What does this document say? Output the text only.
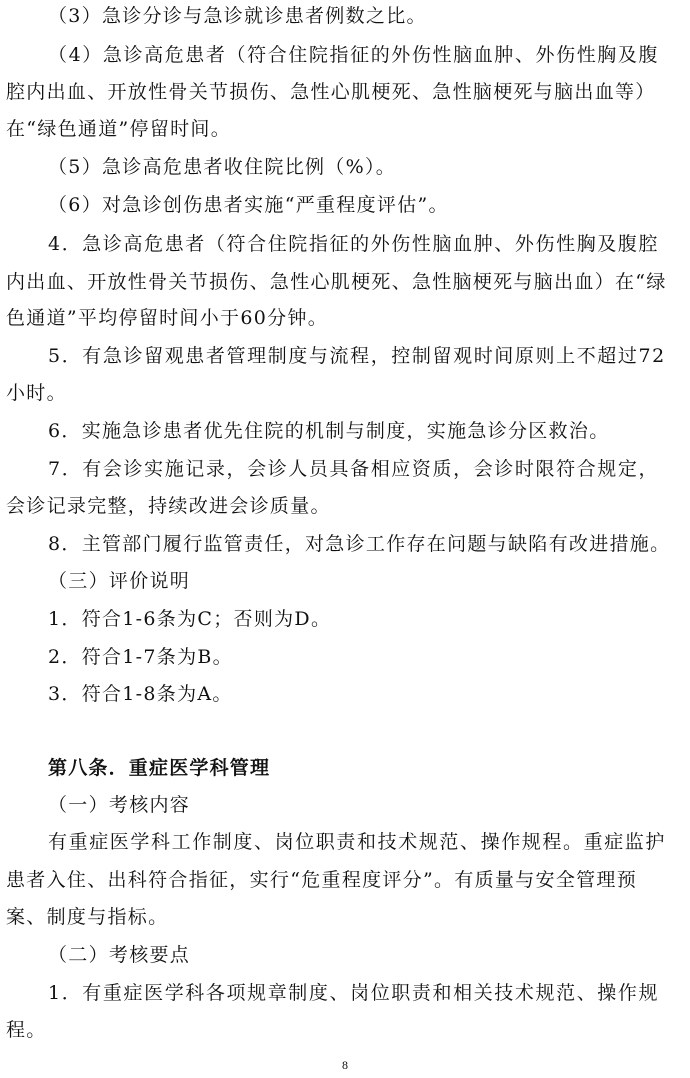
（3）急诊分诊与急诊就诊患者例数之比。
（4）急诊高危患者（符合住院指征的外伤性脑血肿、外伤性胸及腹
腔内出血、开放性骨关节损伤、急性心肌梗死、急性脑梗死与脑出血等）
在“绿色通道”停留时间。
（5）急诊高危患者收住院比例（%）。
（6）对急诊创伤患者实施“严重程度评估”。
4．急诊高危患者（符合住院指征的外伤性脑血肿、外伤性胸及腹腔
内出血、开放性骨关节损伤、急性心肌梗死、急性脑梗死与脑出血）在“绿
色通道”平均停留时间小于60分钟。
5．有急诊留观患者管理制度与流程，控制留观时间原则上不超过72
小时。
6．实施急诊患者优先住院的机制与制度，实施急诊分区救治。
7．有会诊实施记录，会诊人员具备相应资质，会诊时限符合规定，
会诊记录完整，持续改进会诊质量。
8．主管部门履行监管责任，对急诊工作存在问题与缺陷有改进措施。
（三）评价说明
1．符合1-6条为C；否则为D。
2．符合1-7条为B。
3．符合1-8条为A。
第八条．重症医学科管理
（一）考核内容
有重症医学科工作制度、岗位职责和技术规范、操作规程。重症监护
患者入住、出科符合指征，实行“危重程度评分”。有质量与安全管理预
案、制度与指标。
（二）考核要点
1．有重症医学科各项规章制度、岗位职责和相关技术规范、操作规
程。
8
